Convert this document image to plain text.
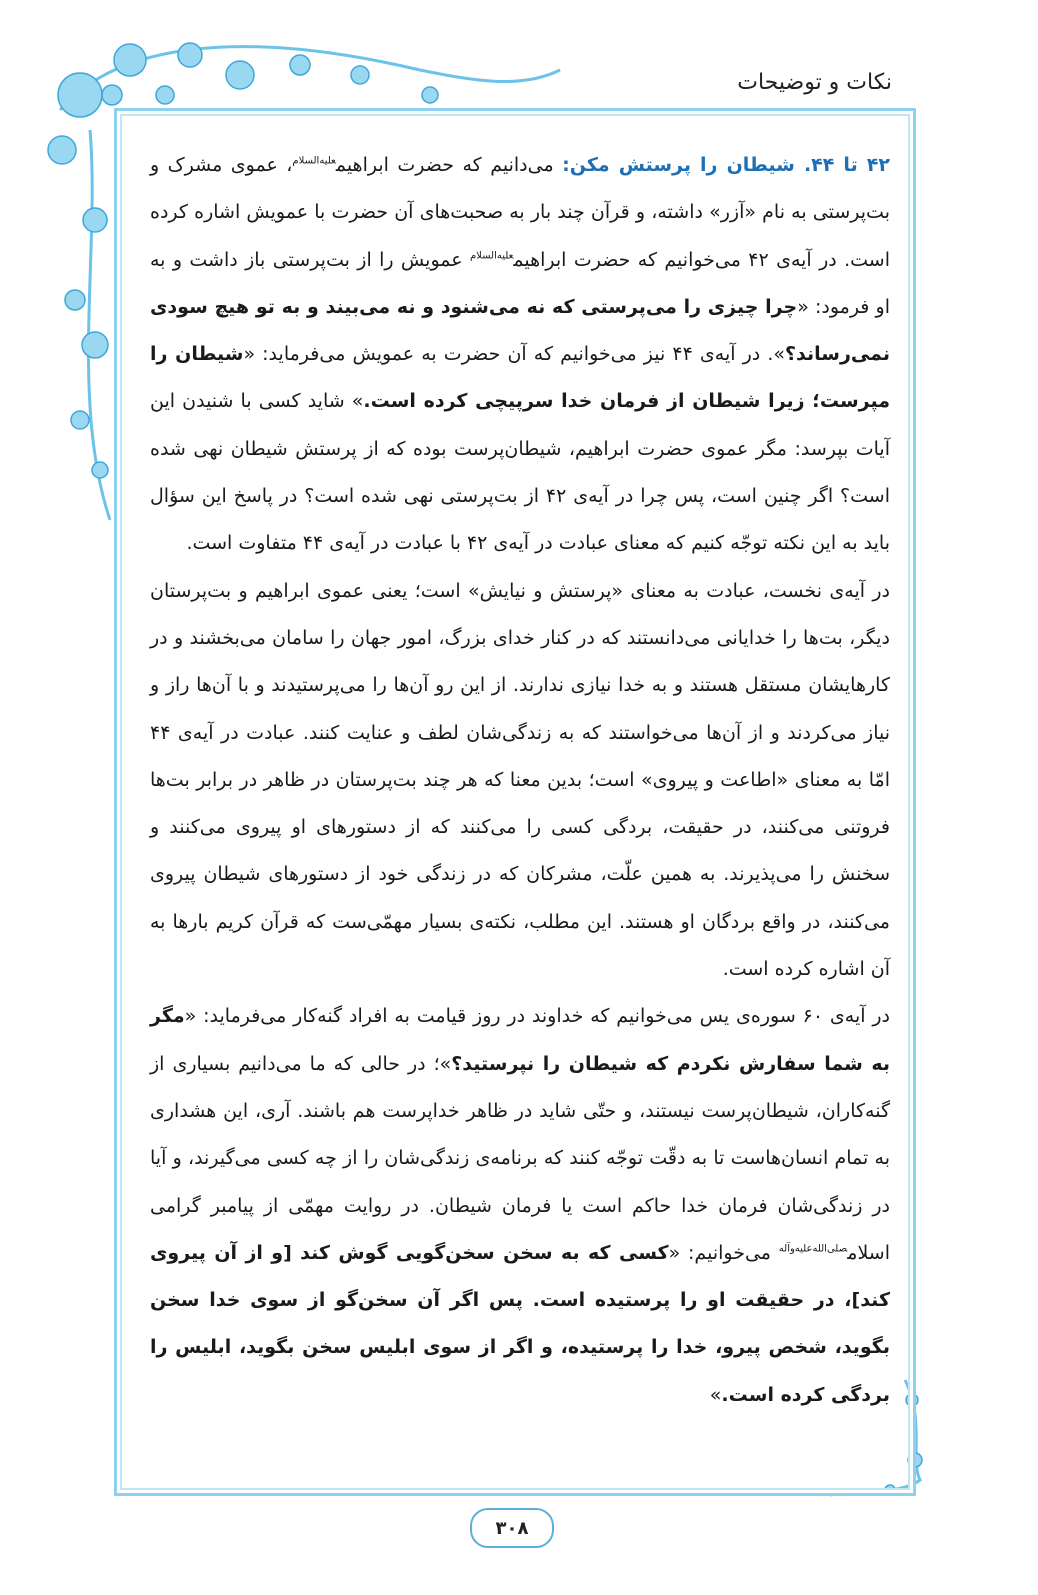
نکات و توضیحات

۴۲ تا ۴۴. شیطان را پرستش مکن: می‌دانیم که حضرت ابراهیم$^{علیه‌السلام}$، عموی مشرک و بت‌پرستی به نام «آزر» داشته، و قرآن چند بار به صحبت‌های آن حضرت با عمویش اشاره کرده است. در آیه‌ی ۴۲ می‌خوانیم که حضرت ابراهیم$^{علیه‌السلام}$ عمویش را از بت‌پرستی باز داشت و به او فرمود: «چرا چیزی را می‌پرستی که نه می‌شنود و نه می‌بیند و به تو هیچ سودی نمی‌رساند؟». در آیه‌ی ۴۴ نیز می‌خوانیم که آن حضرت به عمویش می‌فرماید: «شیطان را مپرست؛ زیرا شیطان از فرمان خدا سرپیچی کرده است.» شاید کسی با شنیدن این آیات بپرسد: مگر عموی حضرت ابراهیم، شیطان‌پرست بوده که از پرستش شیطان نهی شده است؟ اگر چنین است، پس چرا در آیه‌ی ۴۲ از بت‌پرستی نهی شده است؟ در پاسخ این سؤال باید به این نکته توجّه کنیم که معنای عبادت در آیه‌ی ۴۲ با عبادت در آیه‌ی ۴۴ متفاوت است.

در آیه‌ی نخست، عبادت به معنای «پرستش و نیایش» است؛ یعنی عموی ابراهیم و بت‌پرستان دیگر، بت‌ها را خدایانی می‌دانستند که در کنار خدای بزرگ، امور جهان را سامان می‌بخشند و در کارهایشان مستقل هستند و به خدا نیازی ندارند. از این رو آن‌ها را می‌پرستیدند و با آن‌ها راز و نیاز می‌کردند و از آن‌ها می‌خواستند که به زندگی‌شان لطف و عنایت کنند. عبادت در آیه‌ی ۴۴ امّا به معنای «اطاعت و پیروی» است؛ بدین معنا که هر چند بت‌پرستان در ظاهر در برابر بت‌ها فروتنی می‌کنند، در حقیقت، بردگی کسی را می‌کنند که از دستورهای او پیروی می‌کنند و سخنش را می‌پذیرند. به همین علّت، مشرکان که در زندگی خود از دستورهای شیطان پیروی می‌کنند، در واقع بردگان او هستند. این مطلب، نکته‌ی بسیار مهمّی‌ست که قرآن کریم بارها به آن اشاره کرده است.

در آیه‌ی ۶۰ سوره‌ی یس می‌خوانیم که خداوند در روز قیامت به افراد گنه‌کار می‌فرماید: «مگر به شما سفارش نکردم که شیطان را نپرستید؟»؛ در حالی که ما می‌دانیم بسیاری از گنه‌کاران، شیطان‌پرست نیستند، و حتّی شاید در ظاهر خداپرست هم باشند. آری، این هشداری به تمام انسان‌هاست تا به دقّت توجّه کنند که برنامه‌ی زندگی‌شان را از چه کسی می‌گیرند، و آیا در زندگی‌شان فرمان خدا حاکم است یا فرمان شیطان. در روایت مهمّی از پیامبر گرامی اسلام$^{صلی‌الله‌علیه‌وآله}$ می‌خوانیم: «کسی که به سخن سخن‌گویی گوش کند [و از آن پیروی کند]، در حقیقت او را پرستیده است. پس اگر آن سخن‌گو از سوی خدا سخن بگوید، شخص پیرو، خدا را پرستیده، و اگر از سوی ابلیس سخن بگوید، ابلیس را بردگی کرده است.»

۳۰۸
